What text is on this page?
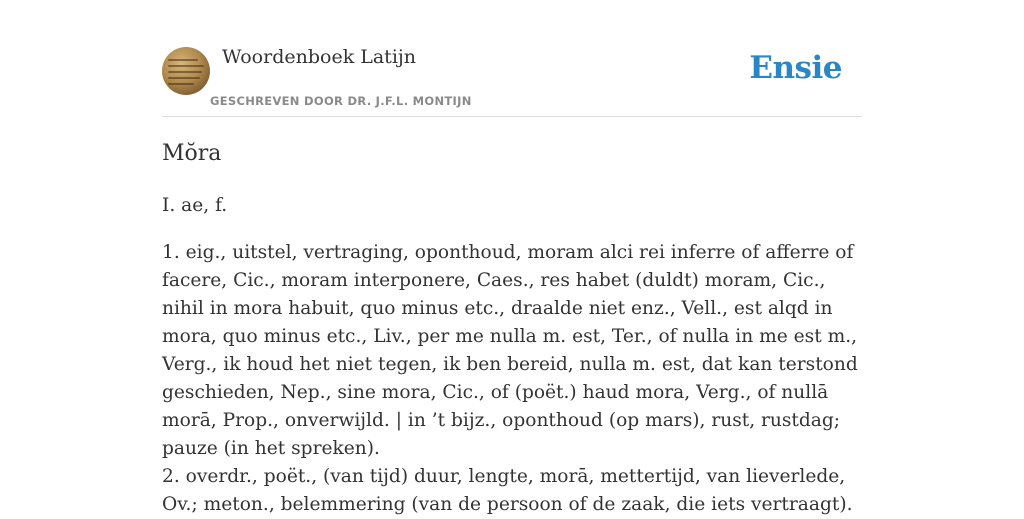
Woordenboek Latijn
GESCHREVEN DOOR DR. J.F.L. MONTIJN
Ensie
Mŏra

I. ae, f.

1. eig., uitstel, vertraging, oponthoud, moram alci rei inferre of afferre of facere, Cic., moram interponere, Caes., res habet (duldt) moram, Cic., nihil in mora habuit, quo minus etc., draalde niet enz., Vell., est alqd in mora, quo minus etc., Liv., per me nulla m. est, Ter., of nulla in me est m., Verg., ik houd het niet tegen, ik ben bereid, nulla m. est, dat kan terstond geschieden, Nep., sine mora, Cic., of (poët.) haud mora, Verg., of nullā morā, Prop., onverwijld. | in ’t bijz., oponthoud (op mars), rust, rustdag; pauze (in het spreken).

2. overdr., poët., (van tijd) duur, lengte, morā, mettertijd, van lieverlede, Ov.; meton., belemmering (van de persoon of de zaak, die iets vertraagt).
